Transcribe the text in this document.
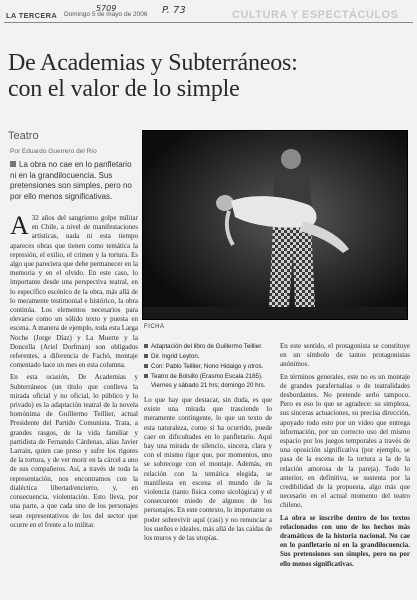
LA TERCERA Domingo 5 de mayo de 2006
5709	P. 73	CULTURA Y ESPECTÁCULOS
De Academias y Subterráneos:
con el valor de lo simple
Teatro
Por Eduardo Guerrero del Río
La obra no cae en lo panfletario ni en la grandilocuencia. Sus pretensiones son simples, pero no por ello menos significativas.
FICHA
Adaptación del libro de Guillermo Teillier.
Dir. Ingrid Leyton.
Con: Pablo Teillier, Nono Hidalgo y otros.
Teatro de Bolsillo (Erasmo Escala 2185). Viernes y sábado 21 hrs; domingo 20 hrs.

A 32 años del sangriento golpe militar en Chile, a nivel de manifestaciones artísticas, nada ni esta tiempo apareces obras que tienen como temática la represión, el exilio, el crimen y la tortura. Es algo que pareciera que debe permanecer en la memoria y en el olvido. En este caso, lo importante desde una perspectiva teatral, en lo específico escénico de la obra, más allá de lo meramente testimonial e histórico, la obra continúa. Los elementos necesarios para elevarse como un sólido texto y puesta en escena. A manera de ejemplo, toda esta Larga Noche (Jorge Díaz) y La Muerte y la Doncella (Ariel Dorfman) son obligados referentes, a diferencia de Fachó, montaje comentado hace un mes en esta columna.

En esta ocasión, De Academias y Subterráneos (un título que conlleva la mirada oficial y no oficial, lo público y lo privado) es la adaptación teatral de la novela homónima de Guillermo Teillier, actual Presidente del Partido Comunista. Trata, a grandes rasgos, de la vida familiar y partidista de Fernando Cárdenas, alias Javier Larrain, quien cae preso y sufre los rigores de la tortura, y de ver morir en la cárcel a uno de sus compañeros. Así, a través de toda la representación, nos encontramos con la dialéctica libertad/encierro, y, en consecuencia, violentación. Esto lleva, por una parte, a que cada uno de los personajes sean representativos de los del sector que ocurre en el frente a lo militar.

Lo que hay que destacar, sin duda, es que existe una mirada que trasciende lo meramente contingente, lo que un texto de esta naturaleza, como sí ha ocurrido, puede caer en dificultades en lo panfletario. Aquí hay una mirada de silencio, sincera, clara y con el mismo rigor que, por momentos, uno se sobrecoge con el montaje. Además, en relación con la temática elegida, se manifiesta en escena el mundo de la violencia (tanto física como sicológica) y el consecuente miedo de algunos de los personajes. En este contexto, lo importante es poder sobrevivir aquí (casi) y no renunciar a los sueños e ideales, más allá de las caídas de los muros y de las utopías.

En este sentido, el protagonista se constituye en un símbolo de tantos protagonistas anónimos.

En términos generales, este no es un montaje de grandes parafernalias o de teatralidades desbordantes. No pretende serlo tampoco. Pero es eso lo que se agradece: su simpleza, sus sinceras actuaciones, su precisa dirección, apoyado todo esto por un video que entrega información, por un correcto uso del mismo espacio por los juegos temporales a través de una oposición significativa (por ejemplo, se pasa de la escena de la tortura a la de la relación amorosa de la pareja). Todo lo anterior, en definitiva, se sustenta por la credibilidad de la propuesta, algo más que necesario en el actual momento del teatro chileno.

La obra se inscribe dentro de los textos relacionados con uno de los hechos más dramáticos de la historia nacional. No cae en lo panfletario ni en la grandilocuencia. Sus pretensiones son simples, pero no por ello menos significativas.
